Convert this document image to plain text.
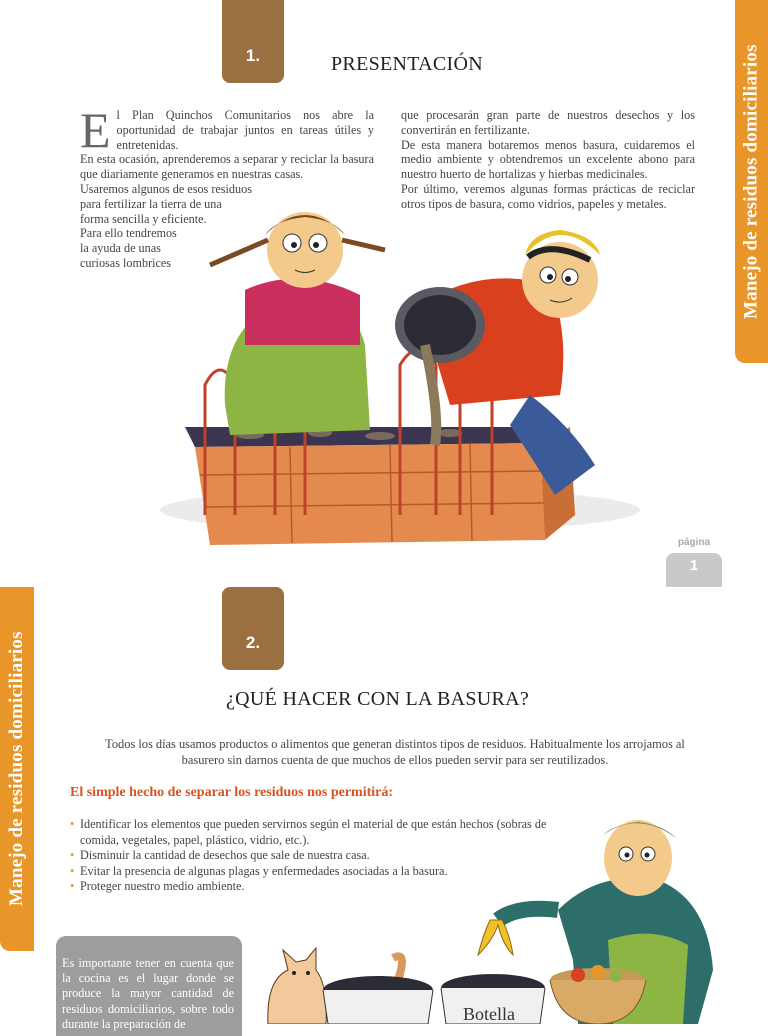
1.	PRESENTACIÓN	Manejo de residuos domiciliarios
E l Plan Quinchos Comunitarios nos abre la oportunidad de trabajar juntos en tareas útiles y entretenidas.
En esta ocasión, aprenderemos a separar y reciclar la basura que diariamente generamos en nuestras casas.
Usaremos algunos de esos residuos
para fertilizar la tierra de una
forma sencilla y eficiente.
Para ello tendremos
la ayuda de unas
curiosas lombrices
que procesarán gran parte de nuestros desechos y los convertirán en fertilizante.
De esta manera botaremos menos basura, cuidaremos el medio ambiente y obtendremos un excelente abono para nuestro huerto de hortalizas y hierbas medicinales.
Por último, veremos algunas formas prácticas de reciclar otros tipos de basura, como vidrios, papeles y metales.
página
1
2.
Manejo de residuos domiciliarios	¿QUÉ HACER CON LA BASURA?
Todos los días usamos productos o alimentos que generan distintos tipos de residuos. Habitualmente los arrojamos al basurero sin darnos cuenta de que muchos de ellos pueden servir para ser reutilizados.
El simple hecho de separar los residuos nos permitirá:
• Identificar los elementos que pueden servirnos según el material de que están hechos (sobras de comida, vegetales, papel, plástico, vidrio, etc.).
• Disminuir la cantidad de desechos que sale de nuestra casa.
• Evitar la presencia de algunas plagas y enfermedades asociadas a la basura.
• Proteger nuestro medio ambiente.
Es importante tener en cuenta que la cocina es el lugar donde se produce la mayor cantidad de residuos domiciliarios, sobre todo durante la preparación de	Botella
